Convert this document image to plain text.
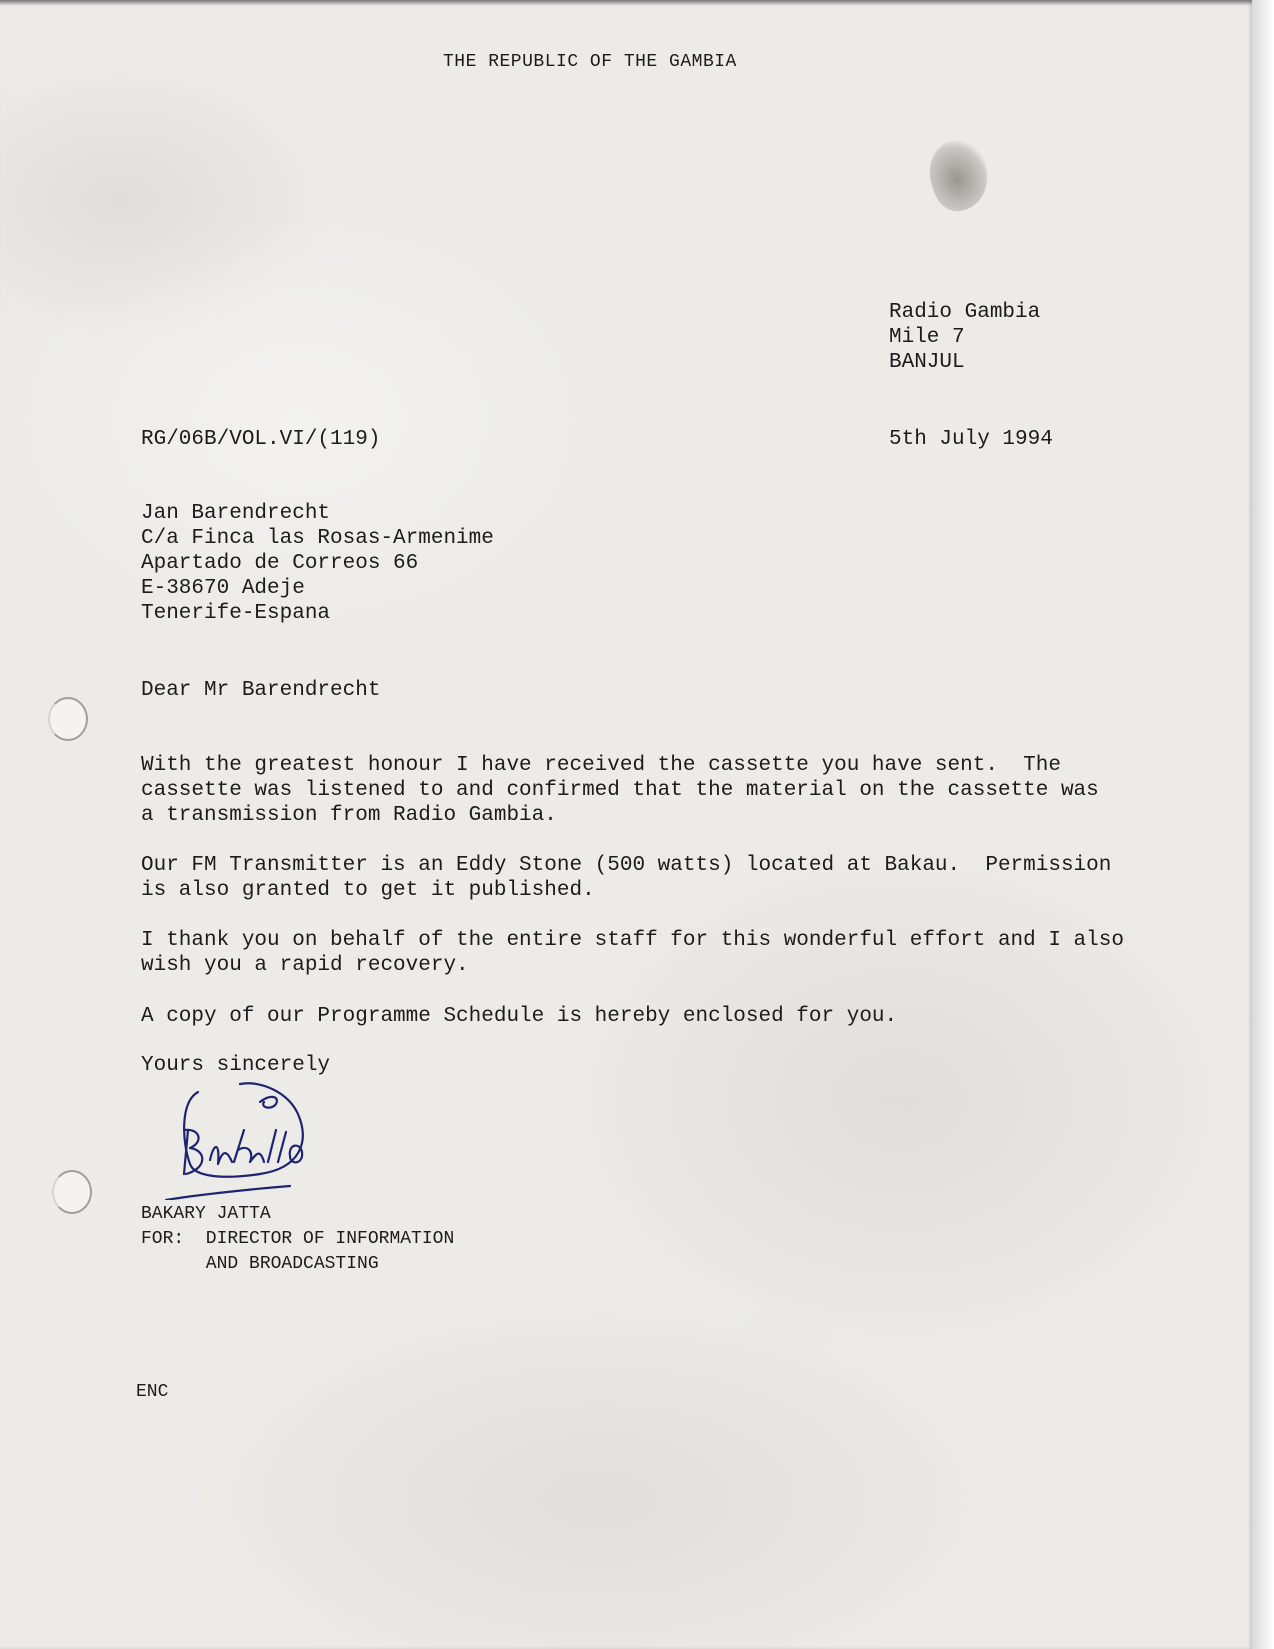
THE REPUBLIC OF THE GAMBIA
Radio Gambia
Mile 7
BANJUL
RG/06B/VOL.VI/(119)	5th July 1994
Jan Barendrecht
C/a Finca las Rosas-Armenime
Apartado de Correos 66
E-38670 Adeje
Tenerife-Espana
Dear Mr Barendrecht
With the greatest honour I have received the cassette you have sent.  The
cassette was listened to and confirmed that the material on the cassette was
a transmission from Radio Gambia.
Our FM Transmitter is an Eddy Stone (500 watts) located at Bakau.  Permission
is also granted to get it published.
I thank you on behalf of the entire staff for this wonderful effort and I also
wish you a rapid recovery.
A copy of our Programme Schedule is hereby enclosed for you.
Yours sincerely
BAKARY JATTA
FOR:  DIRECTOR OF INFORMATION
AND BROADCASTING
ENC
